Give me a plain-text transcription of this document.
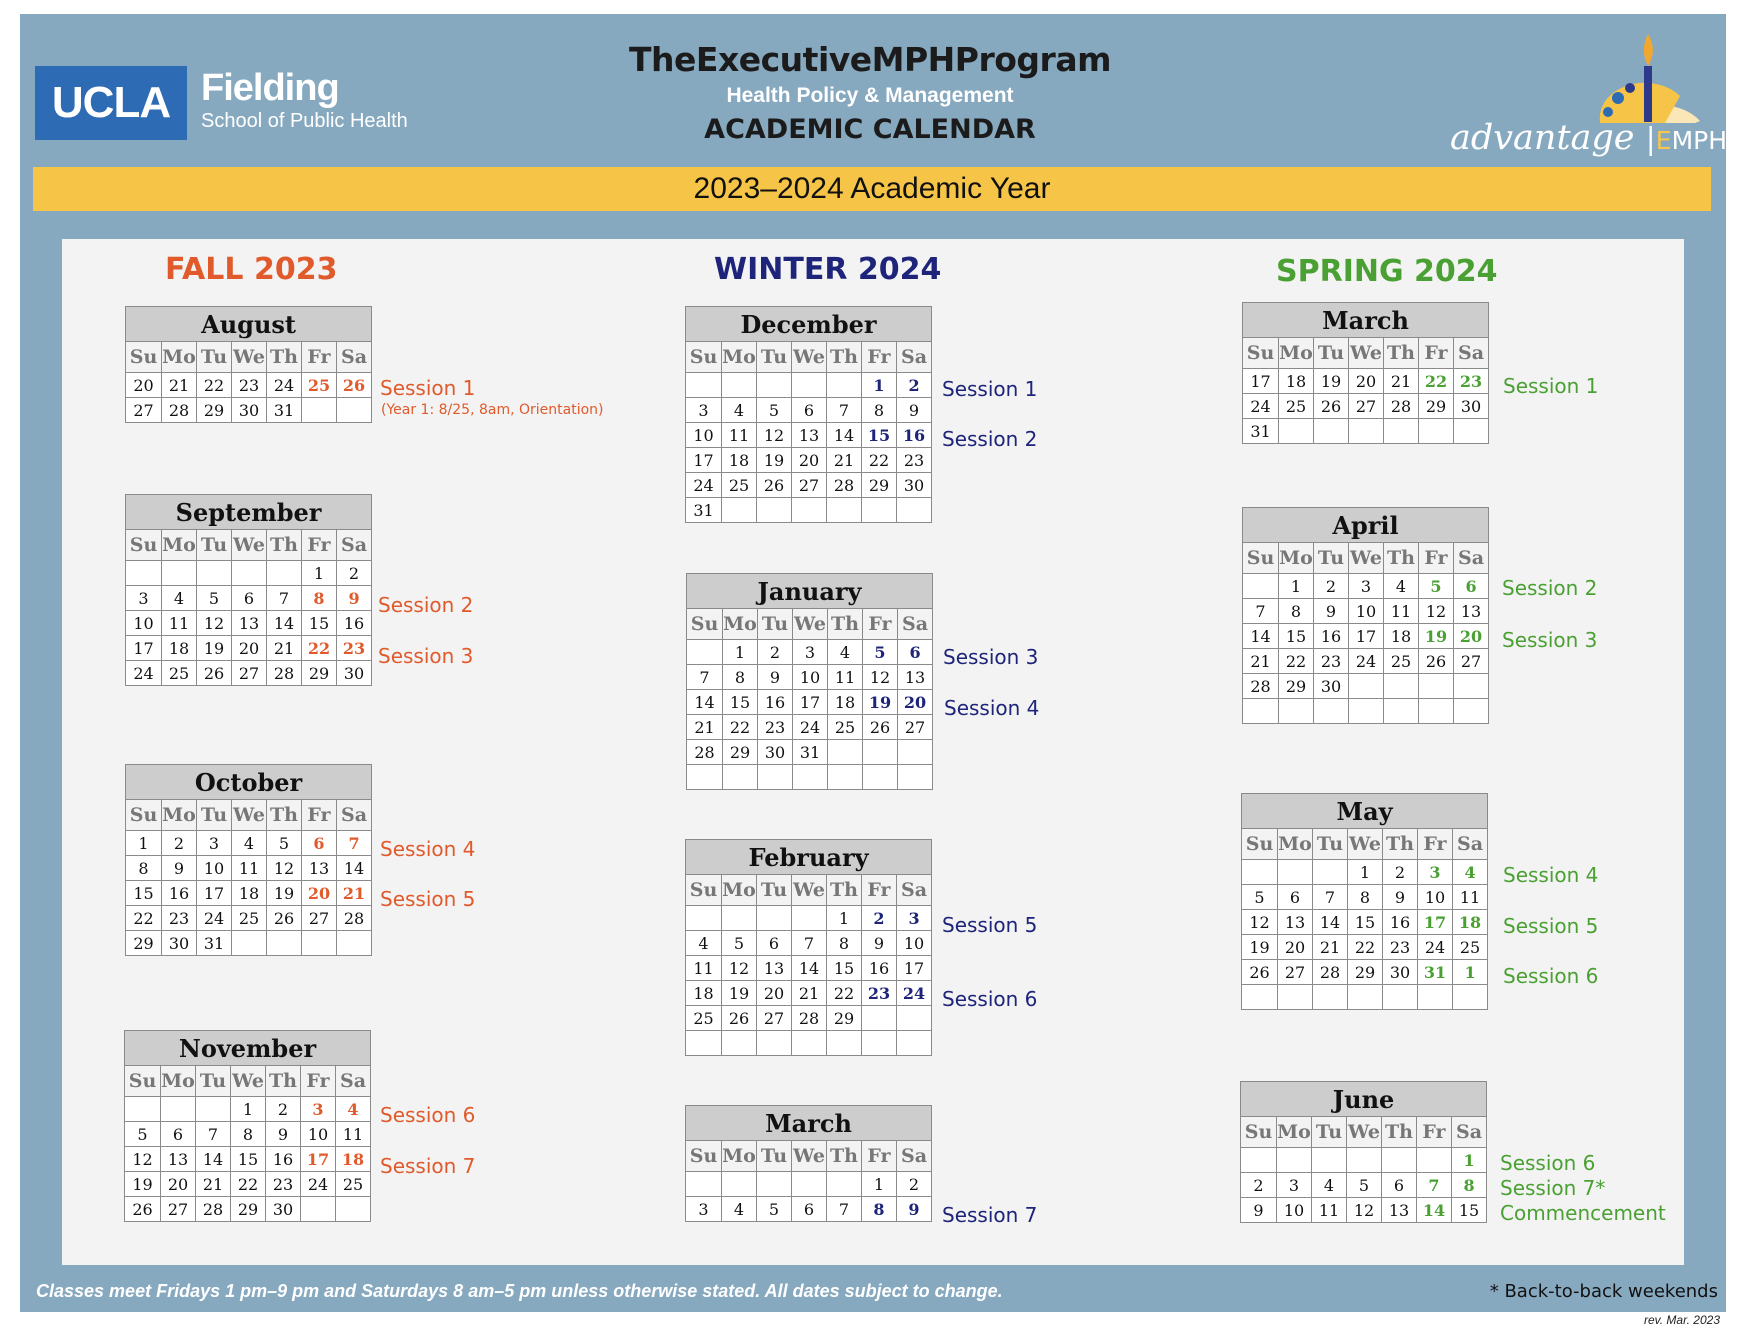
UCLA Fielding
School of Public Health
TheExecutiveMPHProgram
Health Policy & Management
ACADEMIC CALENDAR	advantage |EMPH
2023–2024 Academic Year
FALL 2023	WINTER 2024	SPRING 2024
August						
Su	Mo	Tu	We	Th	Fr	Sa
20	21	22	23	24	25	26
27	28	29	30	31		
September						
Su	Mo	Tu	We	Th	Fr	Sa
					1	2
3	4	5	6	7	8	9
10	11	12	13	14	15	16
17	18	19	20	21	22	23
24	25	26	27	28	29	30
October						
Su	Mo	Tu	We	Th	Fr	Sa
1	2	3	4	5	6	7
8	9	10	11	12	13	14
15	16	17	18	19	20	21
22	23	24	25	26	27	28
29	30	31				
November						
Su	Mo	Tu	We	Th	Fr	Sa
			1	2	3	4
5	6	7	8	9	10	11
12	13	14	15	16	17	18
19	20	21	22	23	24	25
26	27	28	29	30		
December						
Su	Mo	Tu	We	Th	Fr	Sa
					1	2
3	4	5	6	7	8	9
10	11	12	13	14	15	16
17	18	19	20	21	22	23
24	25	26	27	28	29	30
31						
January						
Su	Mo	Tu	We	Th	Fr	Sa
	1	2	3	4	5	6
7	8	9	10	11	12	13
14	15	16	17	18	19	20
21	22	23	24	25	26	27
28	29	30	31			

February						
Su	Mo	Tu	We	Th	Fr	Sa
				1	2	3
4	5	6	7	8	9	10
11	12	13	14	15	16	17
18	19	20	21	22	23	24
25	26	27	28	29		

March						
Su	Mo	Tu	We	Th	Fr	Sa
					1	2
3	4	5	6	7	8	9
March						
Su	Mo	Tu	We	Th	Fr	Sa
17	18	19	20	21	22	23
24	25	26	27	28	29	30
31						
April						
Su	Mo	Tu	We	Th	Fr	Sa
	1	2	3	4	5	6
7	8	9	10	11	12	13
14	15	16	17	18	19	20
21	22	23	24	25	26	27
28	29	30				

May						
Su	Mo	Tu	We	Th	Fr	Sa
			1	2	3	4
5	6	7	8	9	10	11
12	13	14	15	16	17	18
19	20	21	22	23	24	25
26	27	28	29	30	31	1

June						
Su	Mo	Tu	We	Th	Fr	Sa
						1
2	3	4	5	6	7	8
9	10	11	12	13	14	15
Session 1
(Year 1: 8/25, 8am, Orientation)
Session 2
Session 3
Session 4
Session 5
Session 6
Session 7
Session 1
Session 2
Session 3
Session 4
Session 5
Session 6
Session 7
Session 1
Session 2
Session 3
Session 4
Session 5
Session 6
Session 6
Session 7*
Commencement
Classes meet Fridays 1 pm–9 pm and Saturdays 8 am–5 pm unless otherwise stated. All dates subject to change.	* Back-to-back weekends
rev. Mar. 2023
